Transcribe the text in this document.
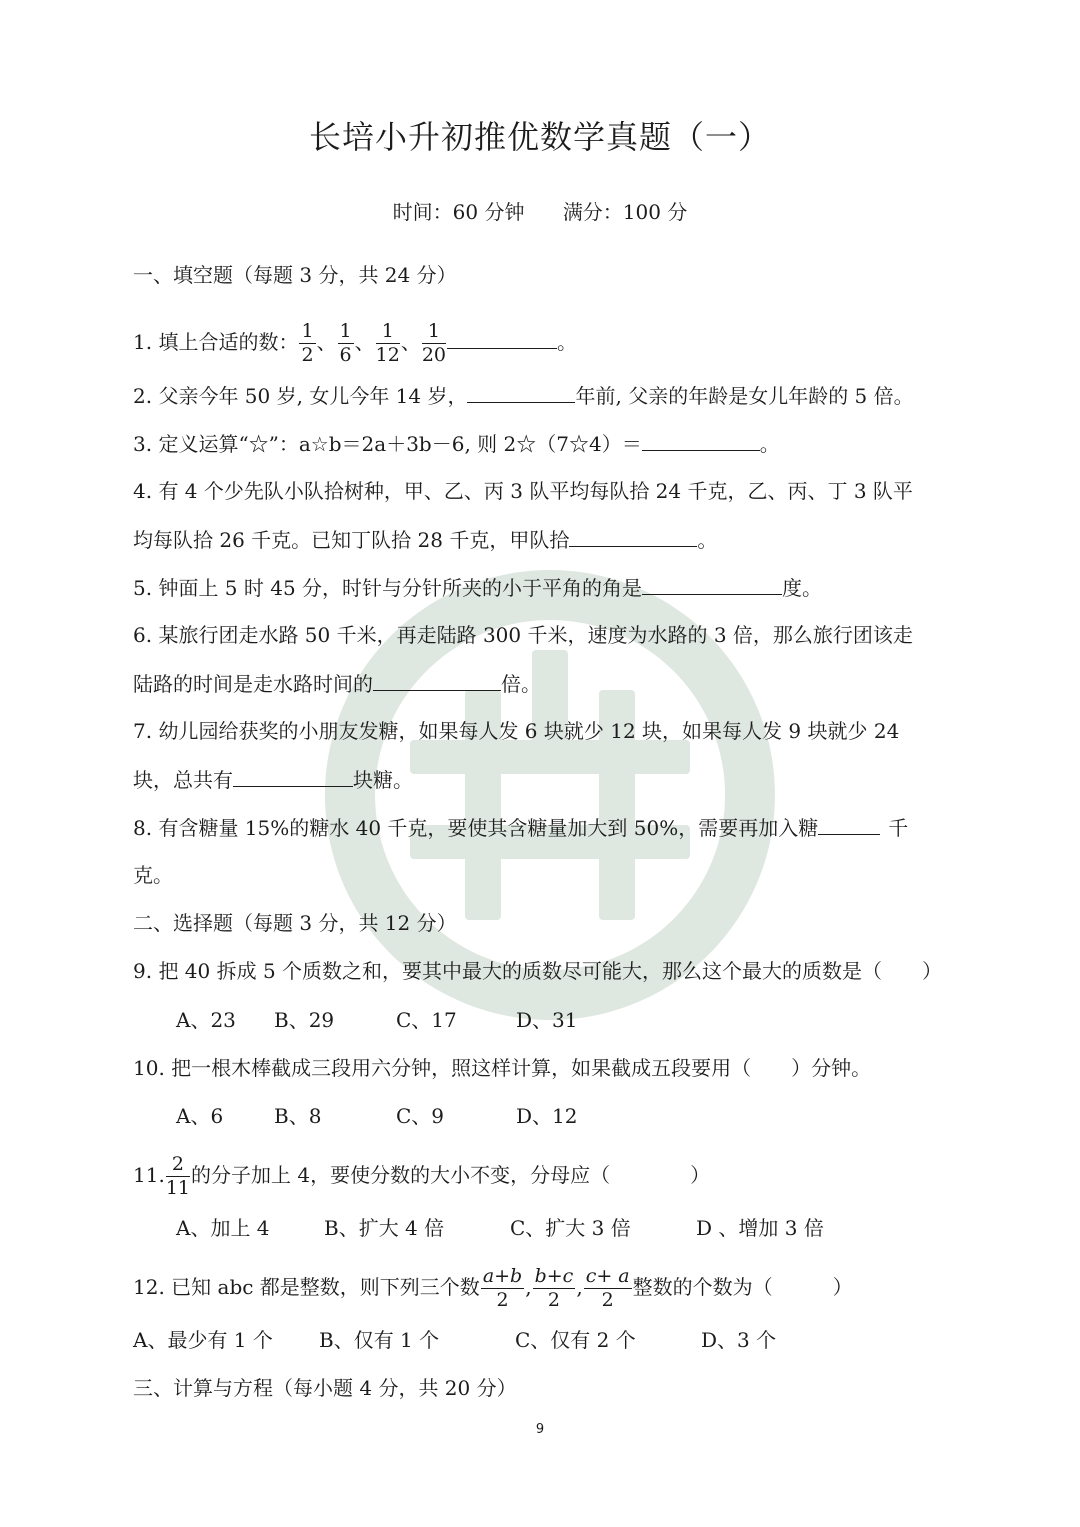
长培小升初推优数学真题（一）
时间：60 分钟 满分：100 分
一、填空题（每题 3 分，共 24 分）
1. 填上合适的数： $\frac{1}{2}$ 、 $\frac{1}{6}$ 、 $\frac{1}{12}$ 、 $\frac{1}{20}$	。
2. 父亲今年 50 岁, 女儿今年 14 岁，	年前, 父亲的年龄是女儿年龄的 5 倍。
3. 定义运算“☆”：a☆b＝2a＋3b－6, 则 2☆（7☆4）＝	。
4. 有 4 个少先队小队拾树种，甲、乙、丙 3 队平均每队拾 24 千克，乙、丙、丁 3 队平
均每队拾 26 千克。已知丁队拾 28 千克，甲队拾	。
5. 钟面上 5 时 45 分，时针与分针所夹的小于平角的角是	度。
6. 某旅行团走水路 50 千米，再走陆路 300 千米，速度为水路的 3 倍，那么旅行团该走
陆路的时间是走水路时间的	倍。
7. 幼儿园给获奖的小朋友发糖，如果每人发 6 块就少 12 块，如果每人发 9 块就少 24
块，总共有	块糖。
8. 有含糖量 15%的糖水 40 千克，要使其含糖量加大到 50%，需要再加入糖	千
克。
二、选择题（每题 3 分，共 12 分）
9. 把 40 拆成 5 个质数之和，要其中最大的质数尽可能大，那么这个最大的质数是（　　）
A、23 B、29	C、17	D、31
10. 把一根木棒截成三段用六分钟，照这样计算，如果截成五段要用（　　）分钟。
A、6	B、8	C、9	D、12
11. $\frac{2}{11}$ 的分子加上 4，要使分数的大小不变，分母应（　　　　）
A、加上 4	B、扩大 4 倍	C、扩大 3 倍	D 、增加 3 倍
12. 已知 abc 都是整数，则下列三个数 $\frac{a+b}{2}$ , $\frac{b+c}{2}$ , $\frac{c+ a}{2}$ 整数的个数为（　　　）
A、最少有 1 个 B、仅有 1 个	C、仅有 2 个	D、3 个
三、计算与方程（每小题 4 分，共 20 分）
9
